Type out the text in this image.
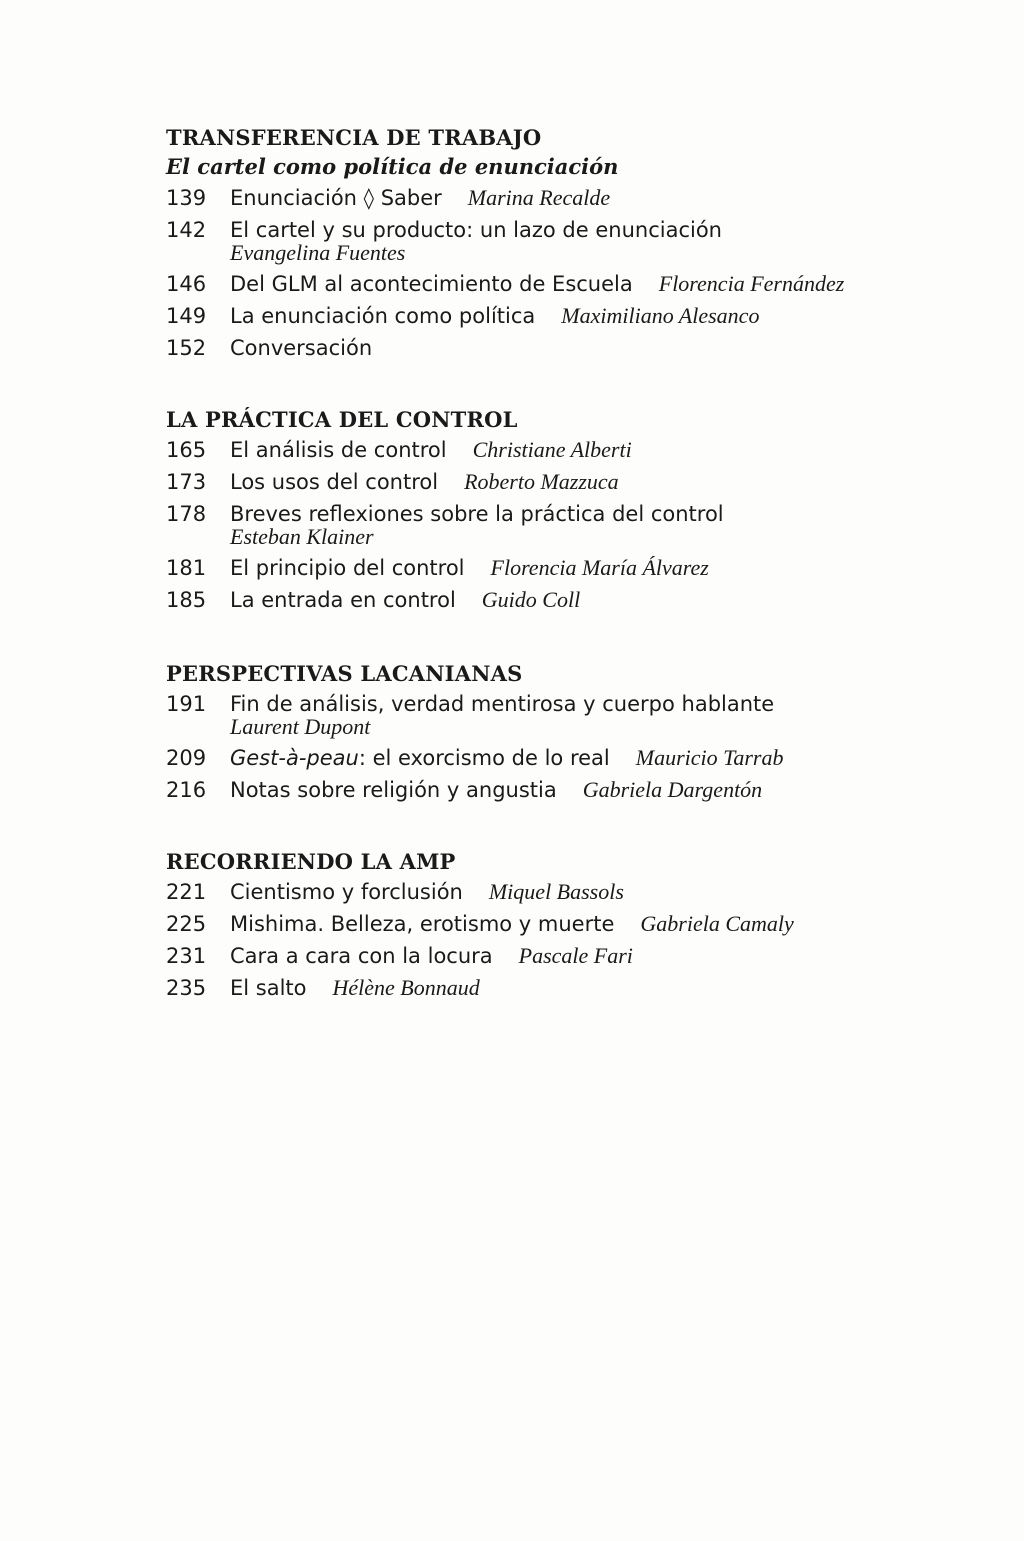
TRANSFERENCIA DE TRABAJO
El cartel como política de enunciación
139 Enunciación ◊ Saber Marina Recalde
142 El cartel y su producto: un lazo de enunciación
Evangelina Fuentes
146 Del GLM al acontecimiento de Escuela Florencia Fernández
149 La enunciación como política Maximiliano Alesanco
152 Conversación
LA PRÁCTICA DEL CONTROL
165 El análisis de control Christiane Alberti
173 Los usos del control Roberto Mazzuca
178 Breves reflexiones sobre la práctica del control
Esteban Klainer
181 El principio del control Florencia María Álvarez
185 La entrada en control Guido Coll
PERSPECTIVAS LACANIANAS
191 Fin de análisis, verdad mentirosa y cuerpo hablante
Laurent Dupont
209 Gest-à-peau: el exorcismo de lo real Mauricio Tarrab
216 Notas sobre religión y angustia Gabriela Dargentón
RECORRIENDO LA AMP
221 Cientismo y forclusión Miquel Bassols
225 Mishima. Belleza, erotismo y muerte Gabriela Camaly
231 Cara a cara con la locura Pascale Fari
235 El salto Hélène Bonnaud
